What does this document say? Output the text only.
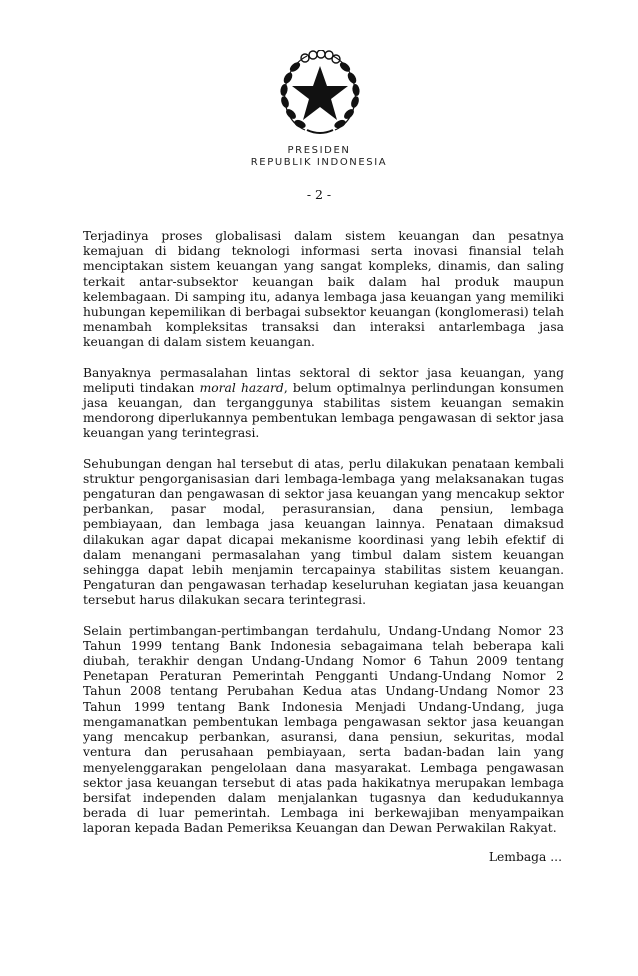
PRESIDEN
REPUBLIK INDONESIA
- 2 -

Terjadinya proses globalisasi dalam sistem keuangan dan pesatnya kemajuan di bidang teknologi informasi serta inovasi finansial telah menciptakan sistem keuangan yang sangat kompleks, dinamis, dan saling terkait antar-subsektor keuangan baik dalam hal produk maupun kelembagaan. Di samping itu, adanya lembaga jasa keuangan yang memiliki hubungan kepemilikan di berbagai subsektor keuangan (konglomerasi) telah menambah kompleksitas transaksi dan interaksi antarlembaga jasa keuangan di dalam sistem keuangan.

Banyaknya permasalahan lintas sektoral di sektor jasa keuangan, yang meliputi tindakan moral hazard, belum optimalnya perlindungan konsumen jasa keuangan, dan terganggunya stabilitas sistem keuangan semakin mendorong diperlukannya pembentukan lembaga pengawasan di sektor jasa keuangan yang terintegrasi.

Sehubungan dengan hal tersebut di atas, perlu dilakukan penataan kembali struktur pengorganisasian dari lembaga-lembaga yang melaksanakan tugas pengaturan dan pengawasan di sektor jasa keuangan yang mencakup sektor perbankan, pasar modal, perasuransian, dana pensiun, lembaga pembiayaan, dan lembaga jasa keuangan lainnya. Penataan dimaksud dilakukan agar dapat dicapai mekanisme koordinasi yang lebih efektif di dalam menangani permasalahan yang timbul dalam sistem keuangan sehingga dapat lebih menjamin tercapainya stabilitas sistem keuangan. Pengaturan dan pengawasan terhadap keseluruhan kegiatan jasa keuangan tersebut harus dilakukan secara terintegrasi.

Selain pertimbangan-pertimbangan terdahulu, Undang-Undang Nomor 23 Tahun 1999 tentang Bank Indonesia sebagaimana telah beberapa kali diubah, terakhir dengan Undang-Undang Nomor 6 Tahun 2009 tentang Penetapan Peraturan Pemerintah Pengganti Undang-Undang Nomor 2 Tahun 2008 tentang Perubahan Kedua atas Undang-Undang Nomor 23 Tahun 1999 tentang Bank Indonesia Menjadi Undang-Undang, juga mengamanatkan pembentukan lembaga pengawasan sektor jasa keuangan yang mencakup perbankan, asuransi, dana pensiun, sekuritas, modal ventura dan perusahaan pembiayaan, serta badan-badan lain yang menyelenggarakan pengelolaan dana masyarakat. Lembaga pengawasan sektor jasa keuangan tersebut di atas pada hakikatnya merupakan lembaga bersifat independen dalam menjalankan tugasnya dan kedudukannya berada di luar pemerintah. Lembaga ini berkewajiban menyampaikan laporan kepada Badan Pemeriksa Keuangan dan Dewan Perwakilan Rakyat.

Lembaga ...
